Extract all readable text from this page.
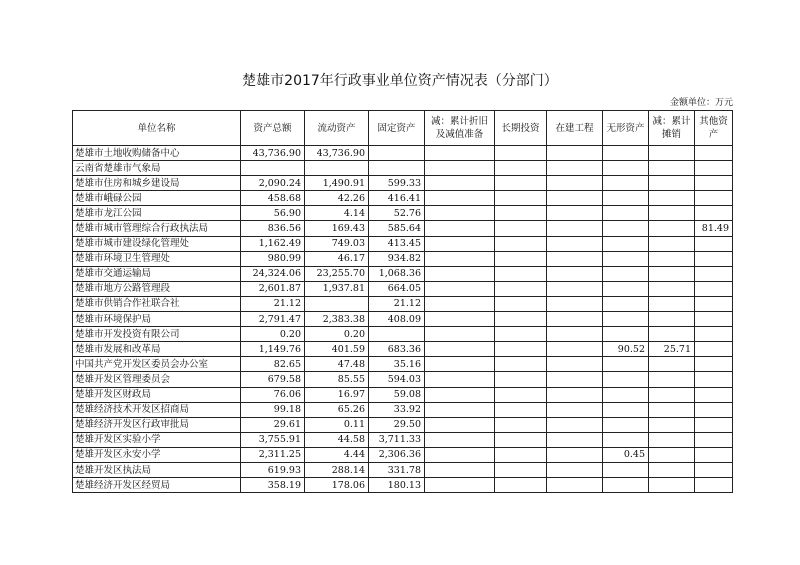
楚雄市2017年行政事业单位资产情况表（分部门）
金额单位：万元
单位名称	资产总额	流动资产	固定资产	减：累计折旧及减值准备	长期投资	在建工程	无形资产	减：累计摊销	其他资产
楚雄市土地收购储备中心	43,736.90	43,736.90							
云南省楚雄市气象局									
楚雄市住房和城乡建设局	2,090.24	1,490.91	599.33						
楚雄市峨碌公园	458.68	42.26	416.41						
楚雄市龙江公园	56.90	4.14	52.76						
楚雄市城市管理综合行政执法局	836.56	169.43	585.64						81.49
楚雄市城市建设绿化管理处	1,162.49	749.03	413.45						
楚雄市环境卫生管理处	980.99	46.17	934.82						
楚雄市交通运输局	24,324.06	23,255.70	1,068.36						
楚雄市地方公路管理段	2,601.87	1,937.81	664.05						
楚雄市供销合作社联合社	21.12		21.12						
楚雄市环境保护局	2,791.47	2,383.38	408.09						
楚雄市开发投资有限公司	0.20	0.20							
楚雄市发展和改革局	1,149.76	401.59	683.36				90.52	25.71	
中国共产党开发区委员会办公室	82.65	47.48	35.16						
楚雄开发区管理委员会	679.58	85.55	594.03						
楚雄开发区财政局	76.06	16.97	59.08						
楚雄经济技术开发区招商局	99.18	65.26	33.92						
楚雄经济开发区行政审批局	29.61	0.11	29.50						
楚雄开发区实验小学	3,755.91	44.58	3,711.33						
楚雄开发区永安小学	2,311.25	4.44	2,306.36				0.45		
楚雄开发区执法局	619.93	288.14	331.78						
楚雄经济开发区经贸局	358.19	178.06	180.13						
